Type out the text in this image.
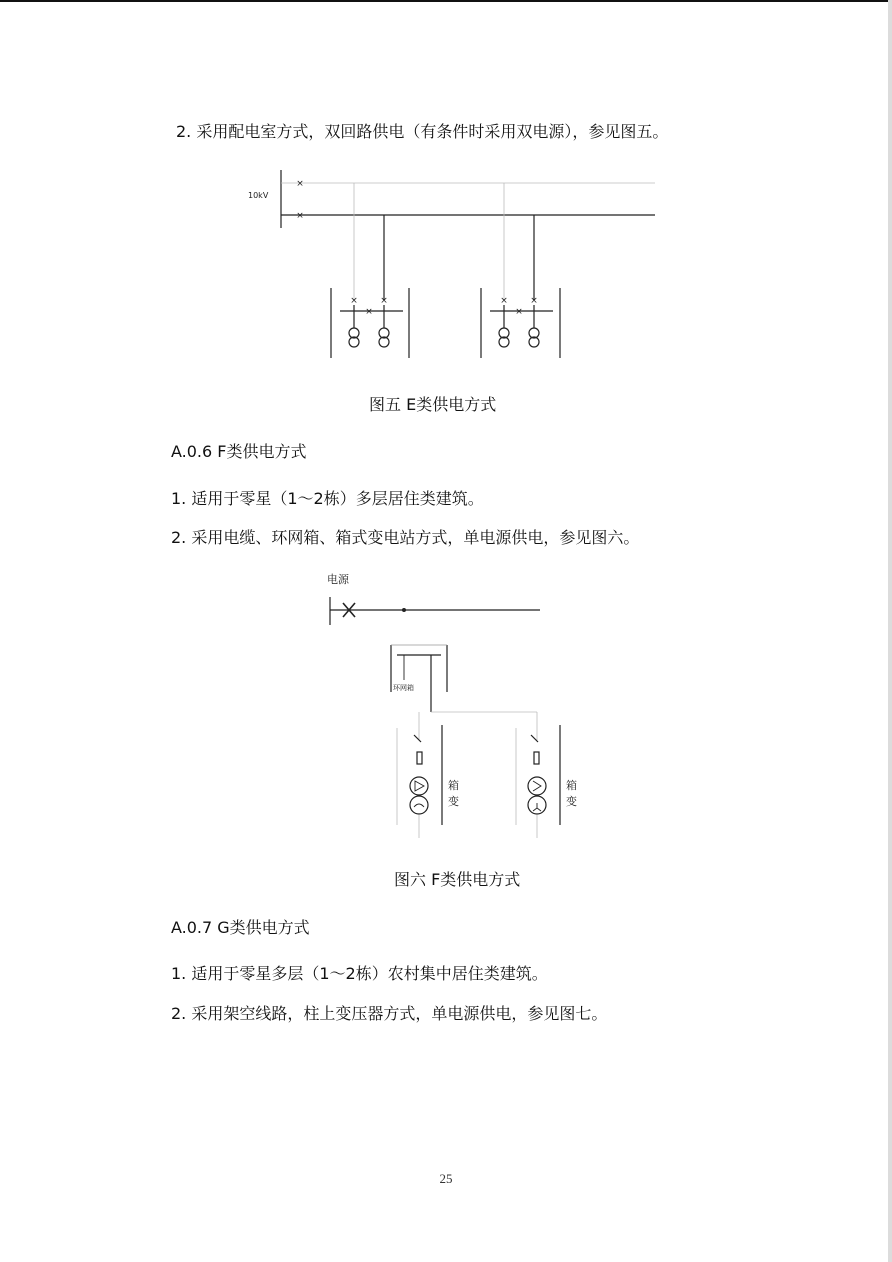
2. 采用配电室方式，双回路供电（有条件时采用双电源），参见图五。
×
×
× ×
×
× ×
×
10kV
图五 E类供电方式
A.0.6 F类供电方式
1. 适用于零星（1～2栋）多层居住类建筑。
2. 采用电缆、环网箱、箱式变电站方式，单电源供电，参见图六。
电源
环网箱
箱
变
箱
变
图六 F类供电方式
A.0.7 G类供电方式
1. 适用于零星多层（1～2栋）农村集中居住类建筑。
2. 采用架空线路，柱上变压器方式，单电源供电，参见图七。
25
